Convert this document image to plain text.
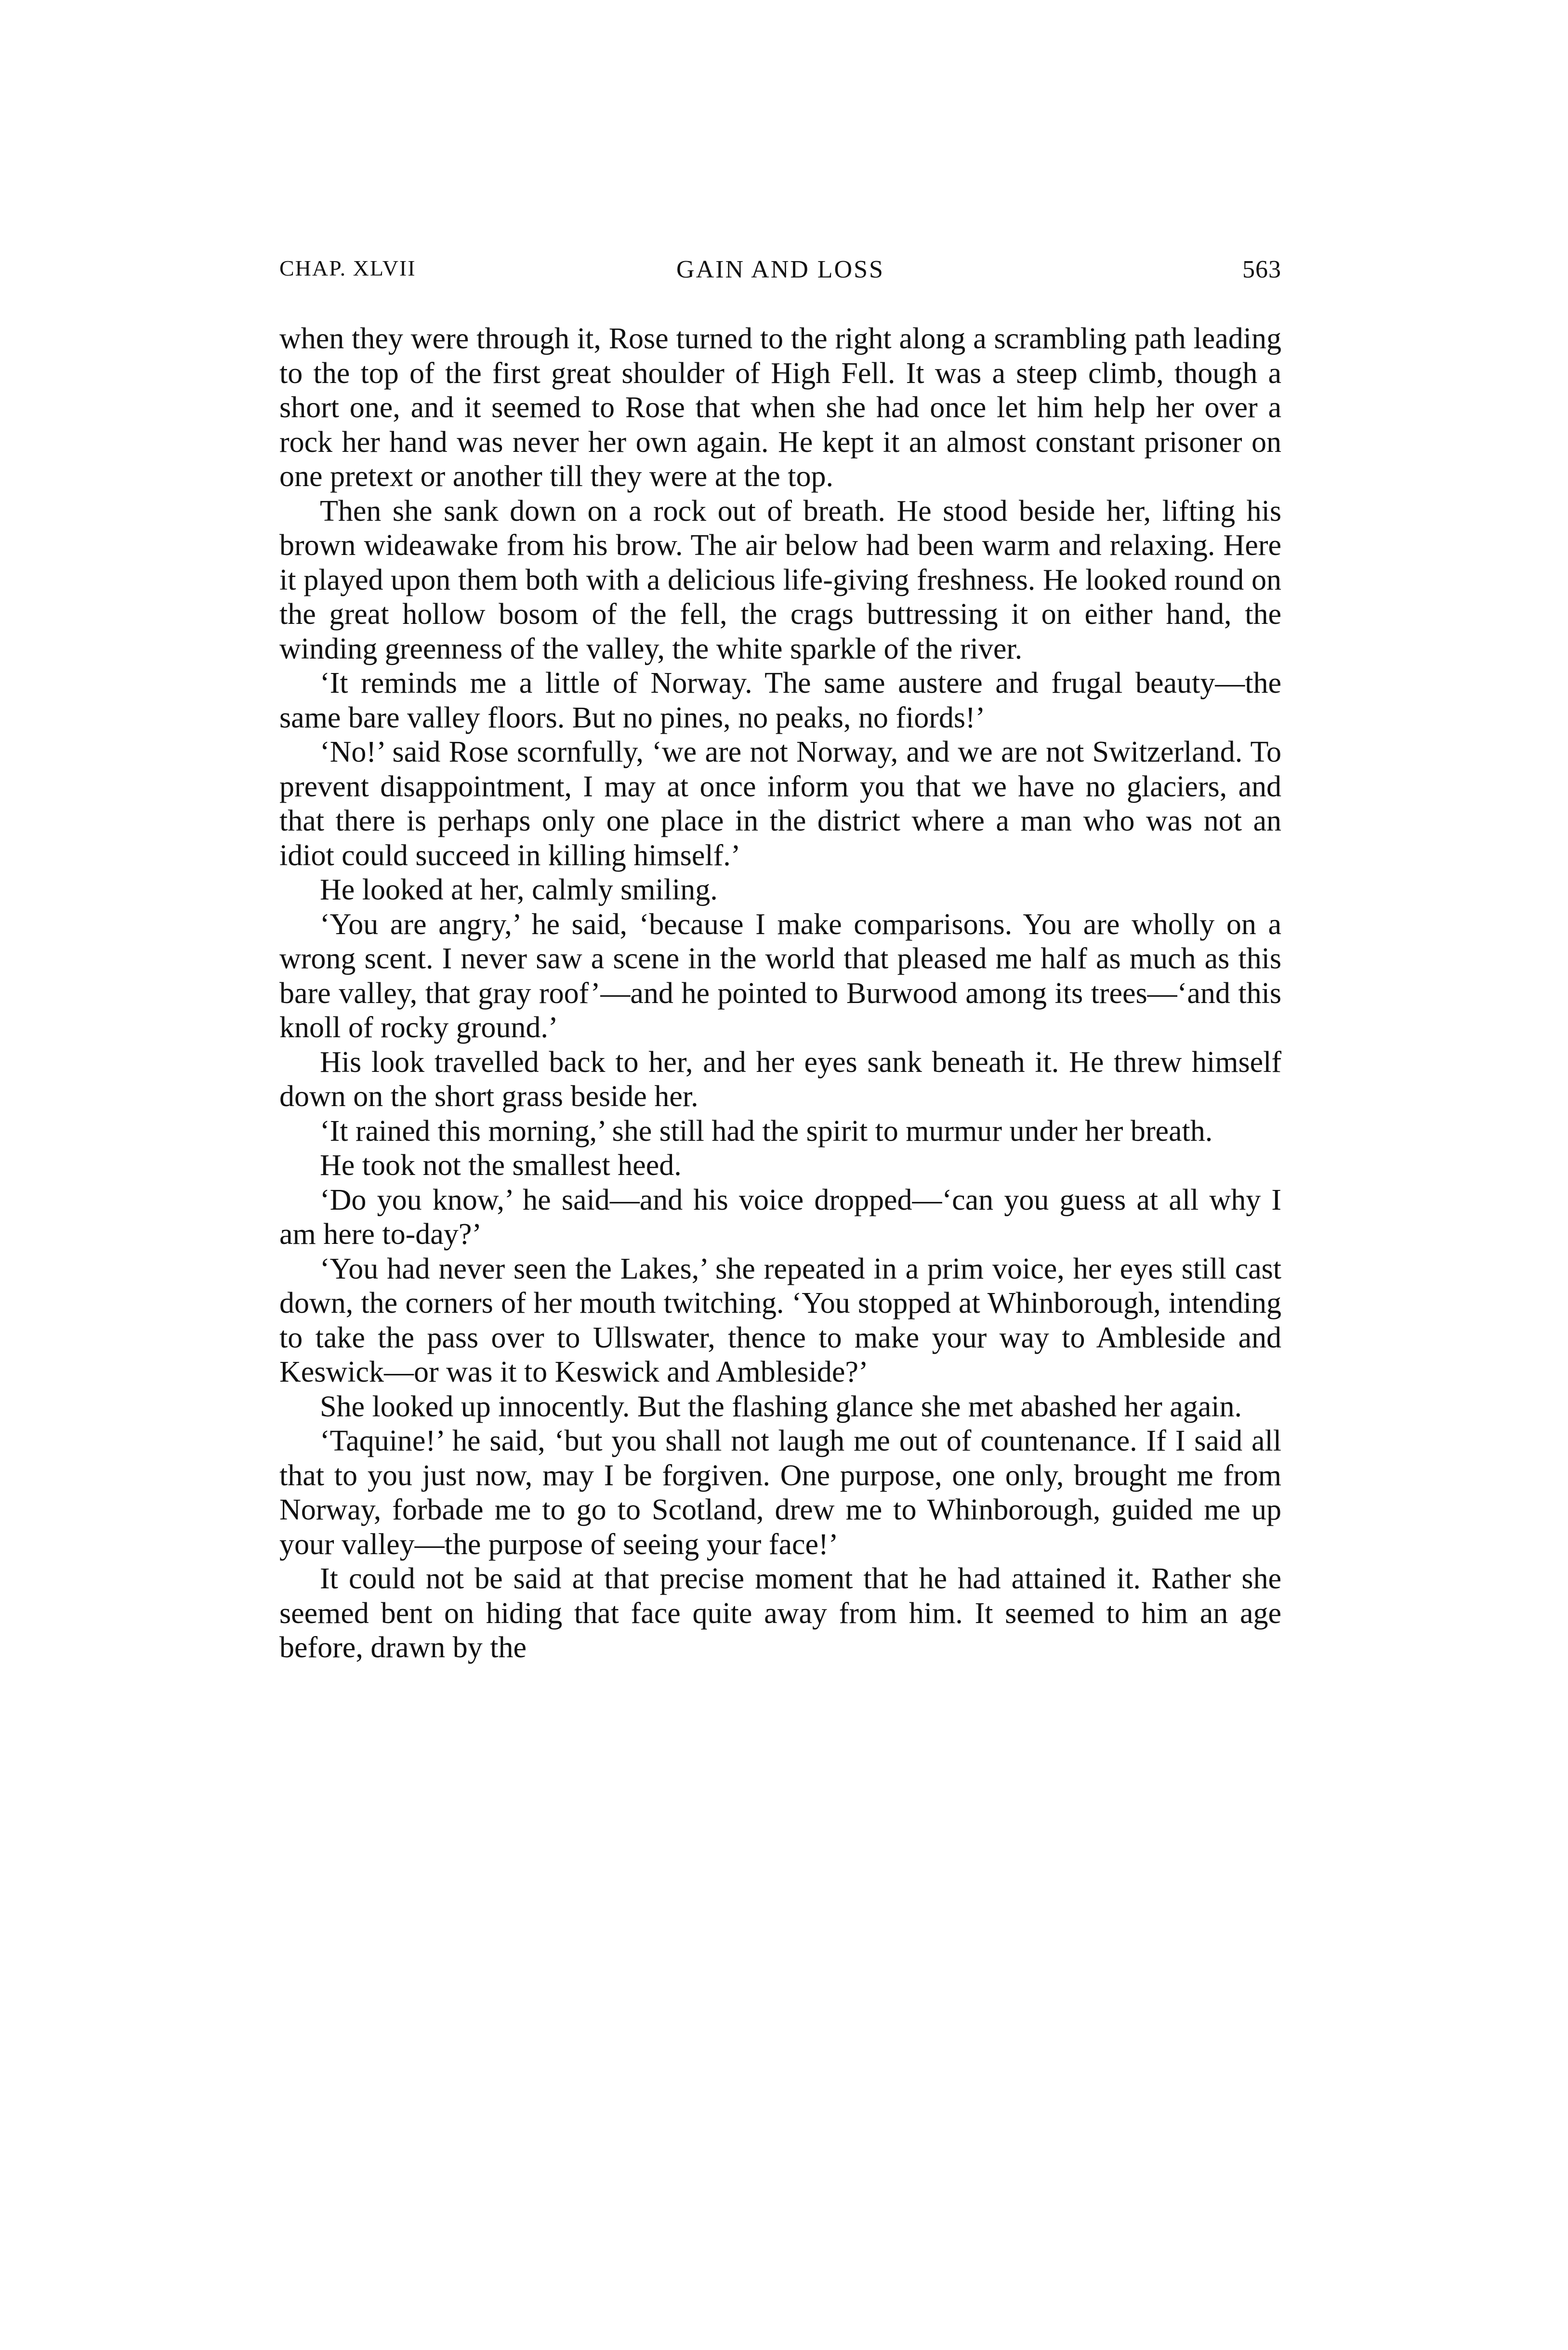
CHAP. XLVII	GAIN AND LOSS	563

when they were through it, Rose turned to the right along a scrambling path leading to the top of the first great shoulder of High Fell. It was a steep climb, though a short one, and it seemed to Rose that when she had once let him help her over a rock her hand was never her own again. He kept it an almost constant prisoner on one pretext or another till they were at the top.

Then she sank down on a rock out of breath. He stood beside her, lifting his brown wideawake from his brow. The air below had been warm and relaxing. Here it played upon them both with a delicious life-giving freshness. He looked round on the great hollow bosom of the fell, the crags buttressing it on either hand, the winding greenness of the valley, the white sparkle of the river.

‘It reminds me a little of Norway. The same austere and frugal beauty—the same bare valley floors. But no pines, no peaks, no fiords!’

‘No!’ said Rose scornfully, ‘we are not Norway, and we are not Switzerland. To prevent disappointment, I may at once inform you that we have no glaciers, and that there is perhaps only one place in the district where a man who was not an idiot could succeed in killing himself.’

He looked at her, calmly smiling.

‘You are angry,’ he said, ‘because I make comparisons. You are wholly on a wrong scent. I never saw a scene in the world that pleased me half as much as this bare valley, that gray roof’—and he pointed to Burwood among its trees—‘and this knoll of rocky ground.’

His look travelled back to her, and her eyes sank beneath it. He threw himself down on the short grass beside her.

‘It rained this morning,’ she still had the spirit to murmur under her breath.

He took not the smallest heed.

‘Do you know,’ he said—and his voice dropped—‘can you guess at all why I am here to-day?’

‘You had never seen the Lakes,’ she repeated in a prim voice, her eyes still cast down, the corners of her mouth twitching. ‘You stopped at Whinborough, intending to take the pass over to Ullswater, thence to make your way to Ambleside and Keswick—or was it to Keswick and Ambleside?’

She looked up innocently. But the flashing glance she met abashed her again.

‘Taquine!’ he said, ‘but you shall not laugh me out of countenance. If I said all that to you just now, may I be forgiven. One purpose, one only, brought me from Norway, forbade me to go to Scotland, drew me to Whinborough, guided me up your valley—the purpose of seeing your face!’

It could not be said at that precise moment that he had attained it. Rather she seemed bent on hiding that face quite away from him. It seemed to him an age before, drawn by the
